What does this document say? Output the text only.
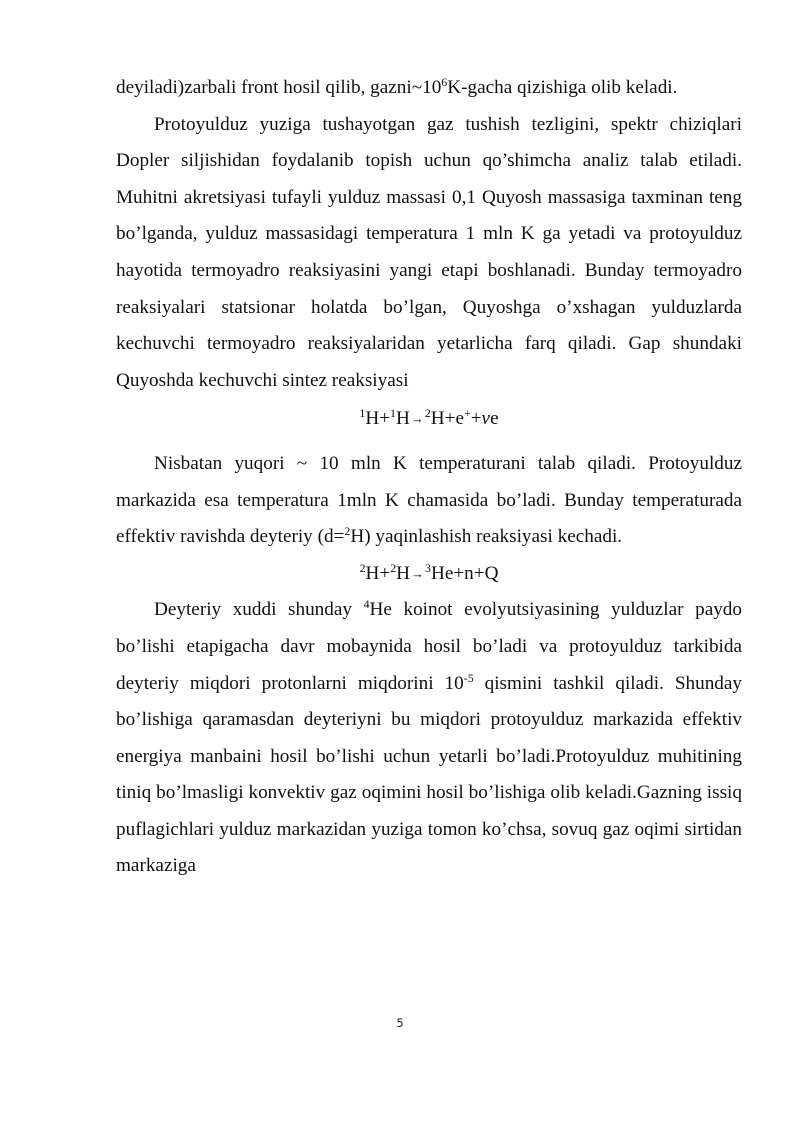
deyiladi)zarbali front hosil qilib, $gazni\sim 10^6K$-gacha qizishiga olib keladi.

Protoyulduz yuziga tushayotgan gaz tushish tezligini, spektr chiziqlari Dopler siljishidan foydalanib topish uchun qo’shimcha analiz talab etiladi. Muhitni akretsiyasi tufayli yulduz massasi 0,1 Quyosh massasiga taxminan teng bo’lganda, yulduz massasidagi temperatura 1 mln K ga yetadi va protoyulduz hayotida termoyadro reaksiyasini yangi etapi boshlanadi. Bunday termoyadro reaksiyalari statsionar holatda bo’lgan, Quyoshga o’xshagan yulduzlarda kechuvchi termoyadro reaksiyalaridan yetarlicha farq qiladi. Gap shundaki Quyoshda kechuvchi sintez reaksiyasi

$^1$H+$^1$H→$^2$H+e++νe

Nisbatan yuqori ~ 10 mln K temperaturani talab qiladi. Protoyulduz markazida esa temperatura 1mln K chamasida bo’ladi. Bunday temperaturada effektiv ravishda deyteriy (d=$^2$H) yaqinlashish reaksiyasi kechadi.

$^2$H+$^2$H→$^3$He+n+Q

Deyteriy xuddi shunday $^4$He koinot evolyutsiyasining yulduzlar paydo bo’lishi etapigacha davr mobaynida hosil bo’ladi va protoyulduz tarkibida deyteriy miqdori protonlarni miqdorini $10^{-5}$ qismini tashkil qiladi. Shunday bo’lishiga qaramasdan deyteriyni bu miqdori protoyulduz markazida effektiv energiya manbaini hosil bo’lishi uchun yetarli bo’ladi.Protoyulduz muhitining tiniq bo’lmasligi konvektiv gaz oqimini hosil bo’lishiga olib keladi.Gazning issiq puflagichlari yulduz markazidan yuziga tomon ko’chsa, sovuq gaz oqimi sirtidan markaziga

5
